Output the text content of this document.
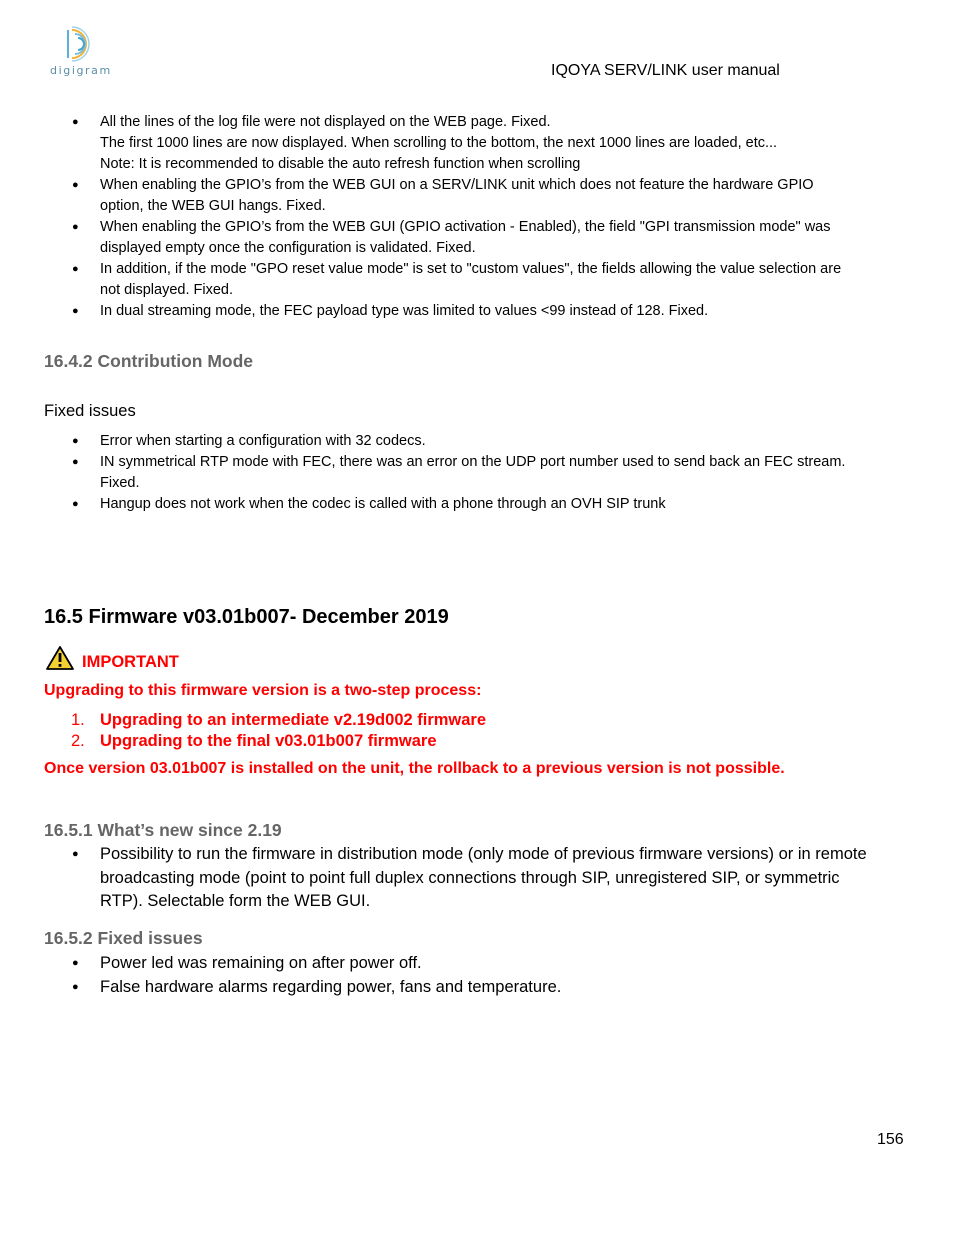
digigram	IQOYA SERV/LINK user manual
● All the lines of the log file were not displayed on the WEB page. Fixed.
The first 1000 lines are now displayed. When scrolling to the bottom, the next 1000 lines are loaded, etc...
Note: It is recommended to disable the auto refresh function when scrolling
● When enabling the GPIO’s from the WEB GUI on a SERV/LINK unit which does not feature the hardware GPIO
option, the WEB GUI hangs. Fixed.
● When enabling the GPIO’s from the WEB GUI (GPIO activation - Enabled), the field "GPI transmission mode" was
displayed empty once the configuration is validated. Fixed.
● In addition, if the mode "GPO reset value mode" is set to "custom values", the fields allowing the value selection are
not displayed. Fixed.
● In dual streaming mode, the FEC payload type was limited to values <99 instead of 128. Fixed.
16.4.2 Contribution Mode
Fixed issues
● Error when starting a configuration with 32 codecs.
● IN symmetrical RTP mode with FEC, there was an error on the UDP port number used to send back an FEC stream.
Fixed.
● Hangup does not work when the codec is called with a phone through an OVH SIP trunk
16.5 Firmware v03.01b007- December 2019
IMPORTANT
Upgrading to this firmware version is a two-step process:
1. Upgrading to an intermediate v2.19d002 firmware
2. Upgrading to the final v03.01b007 firmware
Once version 03.01b007 is installed on the unit, the rollback to a previous version is not possible.
16.5.1 What’s new since 2.19
● Possibility to run the firmware in distribution mode (only mode of previous firmware versions) or in remote
broadcasting mode (point to point full duplex connections through SIP, unregistered SIP, or symmetric
RTP). Selectable form the WEB GUI.
16.5.2 Fixed issues
● Power led was remaining on after power off.
● False hardware alarms regarding power, fans and temperature.
156
